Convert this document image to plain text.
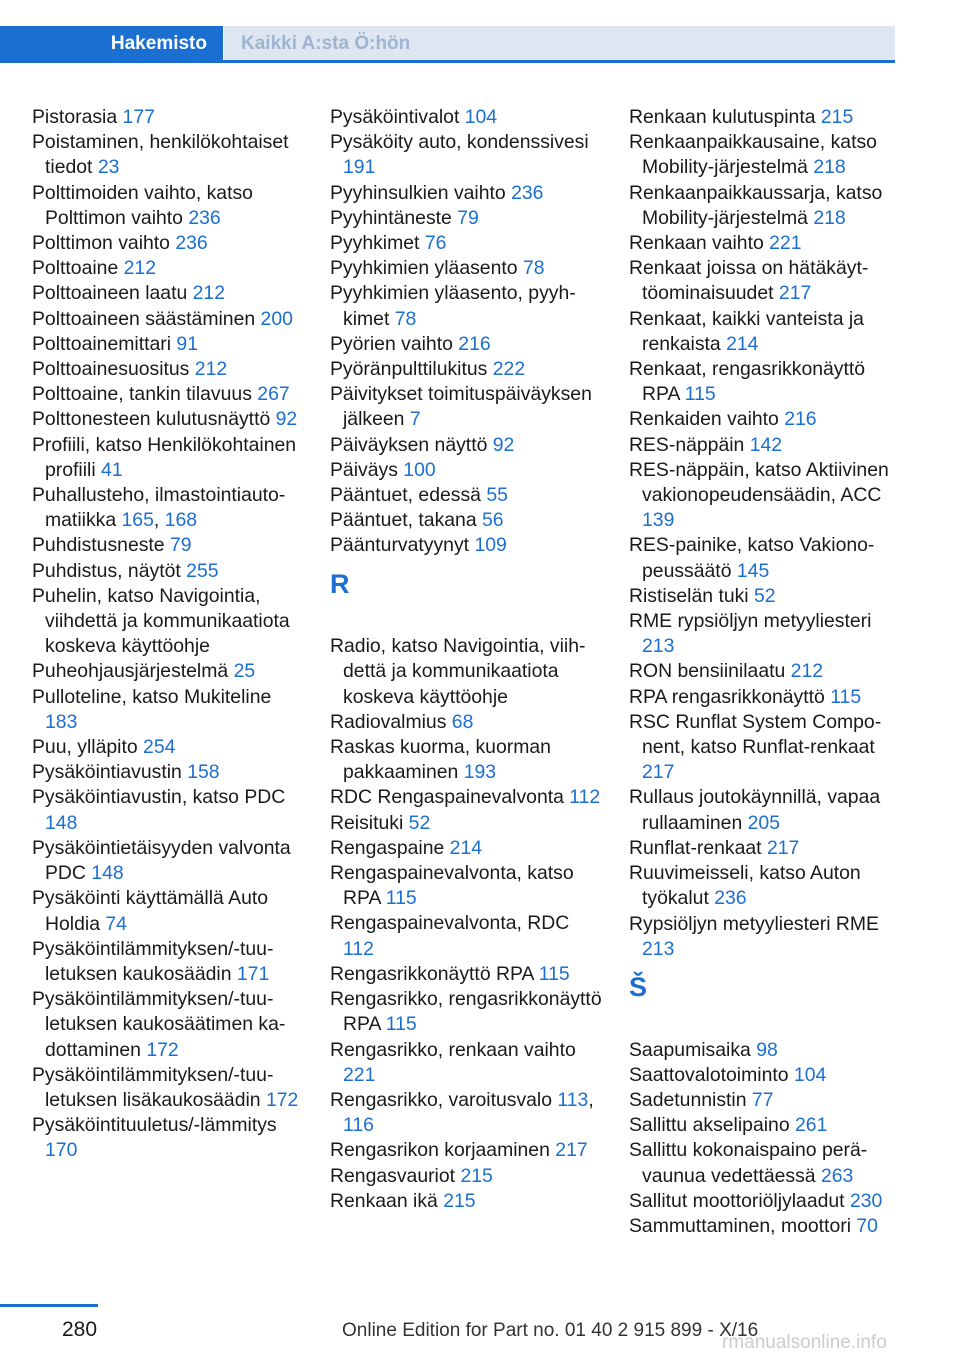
Hakemisto	Kaikki A:sta Ö:hön
Pistorasia 177
Poistaminen, henkilökohtaiset tiedot 23
Polttimoiden vaihto, katso Polttimon vaihto 236
Polttimon vaihto 236
Polttoaine 212
Polttoaineen laatu 212
Polttoaineen säästäminen 200
Polttoainemittari 91
Polttoainesuositus 212
Polttoaine, tankin tilavuus 267
Polttonesteen kulutusnäyttö 92
Profiili, katso Henkilökohtainen profiili 41
Puhallusteho, ilmastointiautomatiikka 165, 168
Puhdistusneste 79
Puhdistus, näytöt 255
Puhelin, katso Navigointia, viihdettä ja kommunikaatiota koskeva käyttöohje
Puheohjausjärjestelmä 25
Pulloteline, katso Mukiteline 183
Puu, ylläpito 254
Pysäköintiavustin 158
Pysäköintiavustin, katso PDC 148
Pysäköintietäisyyden valvonta PDC 148
Pysäköinti käyttämällä Auto Holdia 74
Pysäköintilämmityksen/-tuuletuksen kaukosäädin 171
Pysäköintilämmityksen/-tuuletuksen kaukosäätimen kadottaminen 172
Pysäköintilämmityksen/-tuuletuksen lisäkaukosäädin 172
Pysäköintituuletus/-lämmitys 170
Pysäköintivalot 104
Pysäköity auto, kondenssivesi 191
Pyyhinsulkien vaihto 236
Pyyhintäneste 79
Pyyhkimet 76
Pyyhkimien yläasento 78
Pyyhkimien yläasento, pyyhkimet 78
Pyörien vaihto 216
Pyöränpulttilukitus 222
Päivitykset toimituspäiväyksen jälkeen 7
Päiväyksen näyttö 92
Päiväys 100
Pääntuet, edessä 55
Pääntuet, takana 56
Päänturvatyynyt 109
R
Radio, katso Navigointia, viihdettä ja kommunikaatiota koskeva käyttöohje
Radiovalmius 68
Raskas kuorma, kuorman pakkaaminen 193
RDC Rengaspainevalvonta 112
Reisituki 52
Rengaspaine 214
Rengaspainevalvonta, katso RPA 115
Rengaspainevalvonta, RDC 112
Rengasrikkonäyttö RPA 115
Rengasrikko, rengasrikkonäyttö RPA 115
Rengasrikko, renkaan vaihto 221
Rengasrikko, varoitusvalo 113, 116
Rengasrikon korjaaminen 217
Rengasvauriot 215
Renkaan ikä 215
Renkaan kulutuspinta 215
Renkaanpaikkausaine, katso Mobility-järjestelmä 218
Renkaanpaikkaussarja, katso Mobility-järjestelmä 218
Renkaan vaihto 221
Renkaat joissa on hätäkäyttöominaisuudet 217
Renkaat, kaikki vanteista ja renkaista 214
Renkaat, rengasrikkonäyttö RPA 115
Renkaiden vaihto 216
RES-näppäin 142
RES-näppäin, katso Aktiivinen vakionopeudensäädin, ACC 139
RES-painike, katso Vakionopeussäätö 145
Ristiselän tuki 52
RME rypsiöljyn metyyliesteri 213
RON bensiinilaatu 212
RPA rengasrikkonäyttö 115
RSC Runflat System Component, katso Runflat-renkaat 217
Rullaus joutokäynnillä, vapaa rullaaminen 205
Runflat-renkaat 217
Ruuvimeisseli, katso Auton työkalut 236
Rypsiöljyn metyyliesteri RME 213
Š
Saapumisaika 98
Saattovalotoiminto 104
Sadetunnistin 77
Sallittu akselipaino 261
Sallittu kokonaispaino perävaunua vedettäessä 263
Sallitut moottoriöljylaadut 230
Sammuttaminen, moottori 70
280	Online Edition for Part no. 01 40 2 915 899 - X/16
rmanualsonline.info
